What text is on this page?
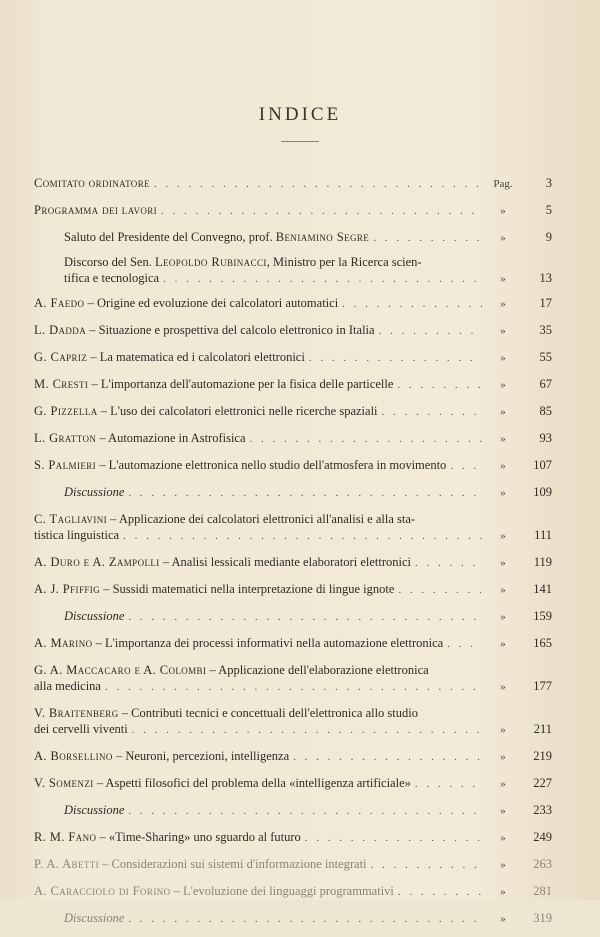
INDICE
Comitato ordinatore . . .	Pag.	3
Programma dei lavori . . .	»	5
Saluto del Presidente del Convegno, prof. Beniamino Segre . . .	»	9
Discorso del Sen. Leopoldo Rubinacci, Ministro per la Ricerca scien-
tifica e tecnologica . . .	»	13
A. Faedo – Origine ed evoluzione dei calcolatori automatici . . .	»	17
L. Dadda – Situazione e prospettiva del calcolo elettronico in Italia . . .	»	35
G. Capriz – La matematica ed i calcolatori elettronici . . .	»	55
M. Cresti – L'importanza dell'automazione per la fisica delle particelle . . .	»	67
G. Pizzella – L'uso dei calcolatori elettronici nelle ricerche spaziali . . .	»	85
L. Gratton – Automazione in Astrofisica . . .	»	93
S. Palmieri – L'automazione elettronica nello studio dell'atmosfera in movimento . . .	»	107
Discussione . . .	»	109
C. Tagliavini – Applicazione dei calcolatori elettronici all'analisi e alla sta-
tistica linguistica . . .	»	111
A. Duro e A. Zampolli – Analisi lessicali mediante elaboratori elettronici . . .	»	119
A. J. Pfiffig – Sussidi matematici nella interpretazione di lingue ignote . . .	»	141
Discussione . . .	»	159
A. Marino – L'importanza dei processi informativi nella automazione elettronica . . .	»	165
G. A. Maccacaro e A. Colombi – Applicazione dell'elaborazione elettronica
alla medicina . . .	»	177
V. Braitenberg – Contributi tecnici e concettuali dell'elettronica allo studio
dei cervelli viventi . . .	»	211
A. Borsellino – Neuroni, percezioni, intelligenza . . .	»	219
V. Somenzi – Aspetti filosofici del problema della «intelligenza artificiale» . . .	»	227
Discussione . . .	»	233
R. M. Fano – «Time-Sharing» uno sguardo al futuro . . .	»	249
P. A. Abetti – Considerazioni sui sistemi d'informazione integrati . . .	»	263
A. Caracciolo di Forino – L'evoluzione dei linguaggi programmativi . . .	»	281
Discussione . . .	»	319
